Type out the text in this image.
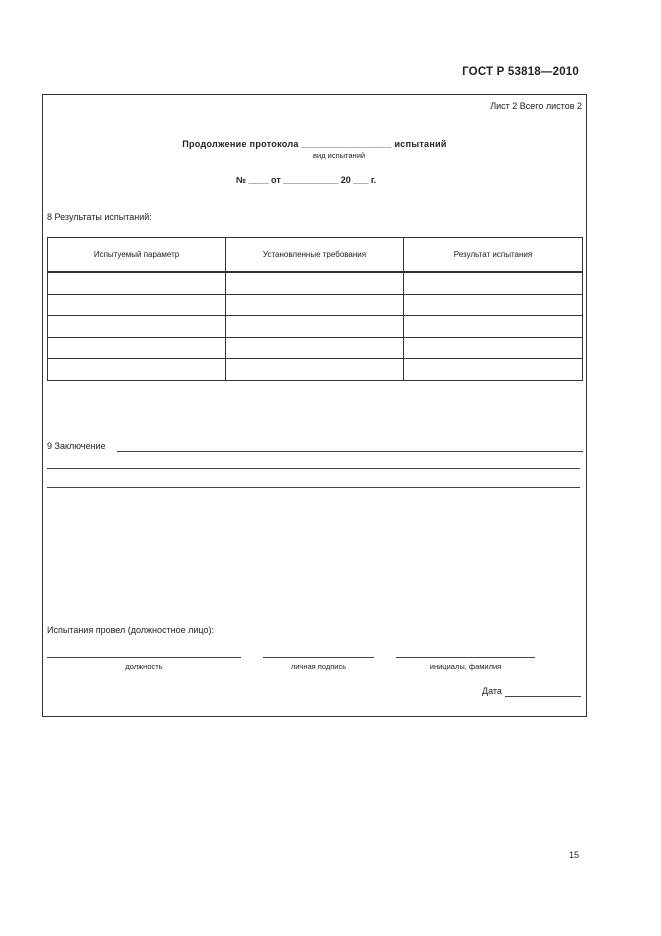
ГОСТ Р 53818—2010
Лист 2 Всего листов 2
Продолжение протокола _________________ испытаний
вид испытаний
№ ____ от ___________ 20 ___ г.
8 Результаты испытаний:
Испытуемый параметр	Установленные требования	Результат испытания

9 Заключение
Испытания провел (должностное лицо):
должность	личная подпись	инициалы, фамилия
Дата
15
